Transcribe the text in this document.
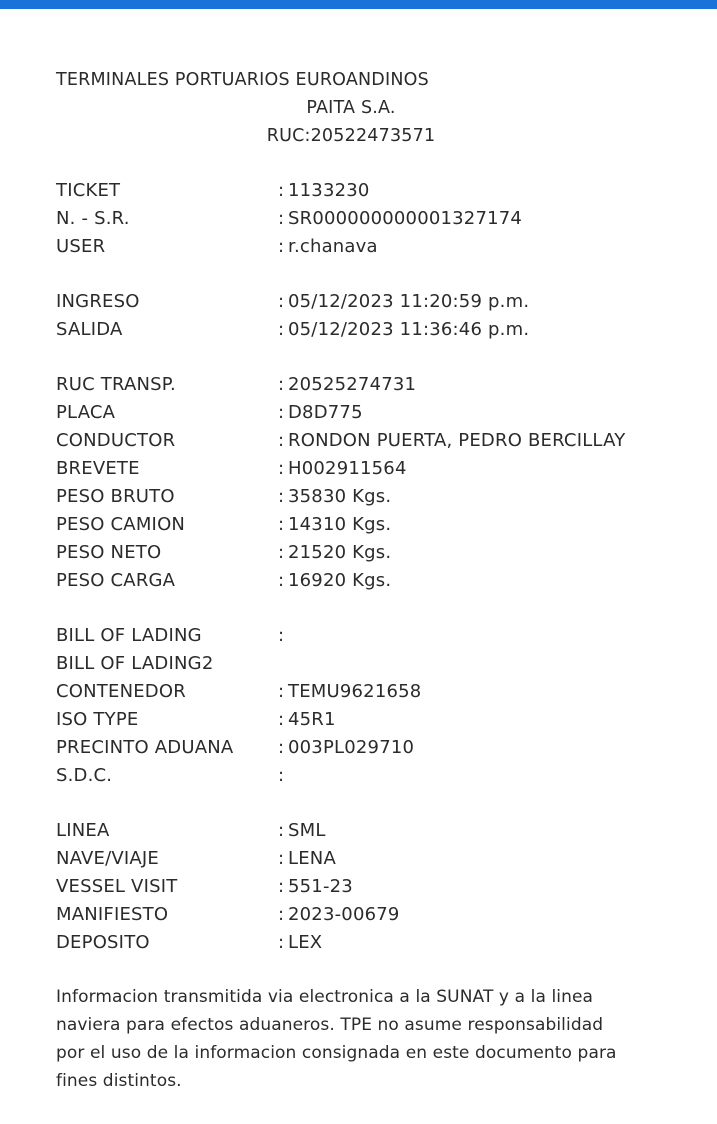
TERMINALES PORTUARIOS EUROANDINOS
PAITA S.A.
RUC:20522473571
TICKET	: 1133230
N. - S.R.	: SR000000000001327174
USER	: r.chanava
INGRESO	: 05/12/2023 11:20:59 p.m.
SALIDA	: 05/12/2023 11:36:46 p.m.
RUC TRANSP.	: 20525274731
PLACA	: D8D775
CONDUCTOR	: RONDON PUERTA, PEDRO BERCILLAY
BREVETE	: H002911564
PESO BRUTO	: 35830 Kgs.
PESO CAMION	: 14310 Kgs.
PESO NETO	: 21520 Kgs.
PESO CARGA	: 16920 Kgs.
BILL OF LADING	:
BILL OF LADING2
CONTENEDOR	: TEMU9621658
ISO TYPE	: 45R1
PRECINTO ADUANA	: 003PL029710
S.D.C.	:
LINEA	: SML
NAVE/VIAJE	: LENA
VESSEL VISIT	: 551-23
MANIFIESTO	: 2023-00679
DEPOSITO	: LEX
Informacion transmitida via electronica a la SUNAT y a la linea naviera para efectos aduaneros. TPE no asume responsabilidad por el uso de la informacion consignada en este documento para fines distintos.
